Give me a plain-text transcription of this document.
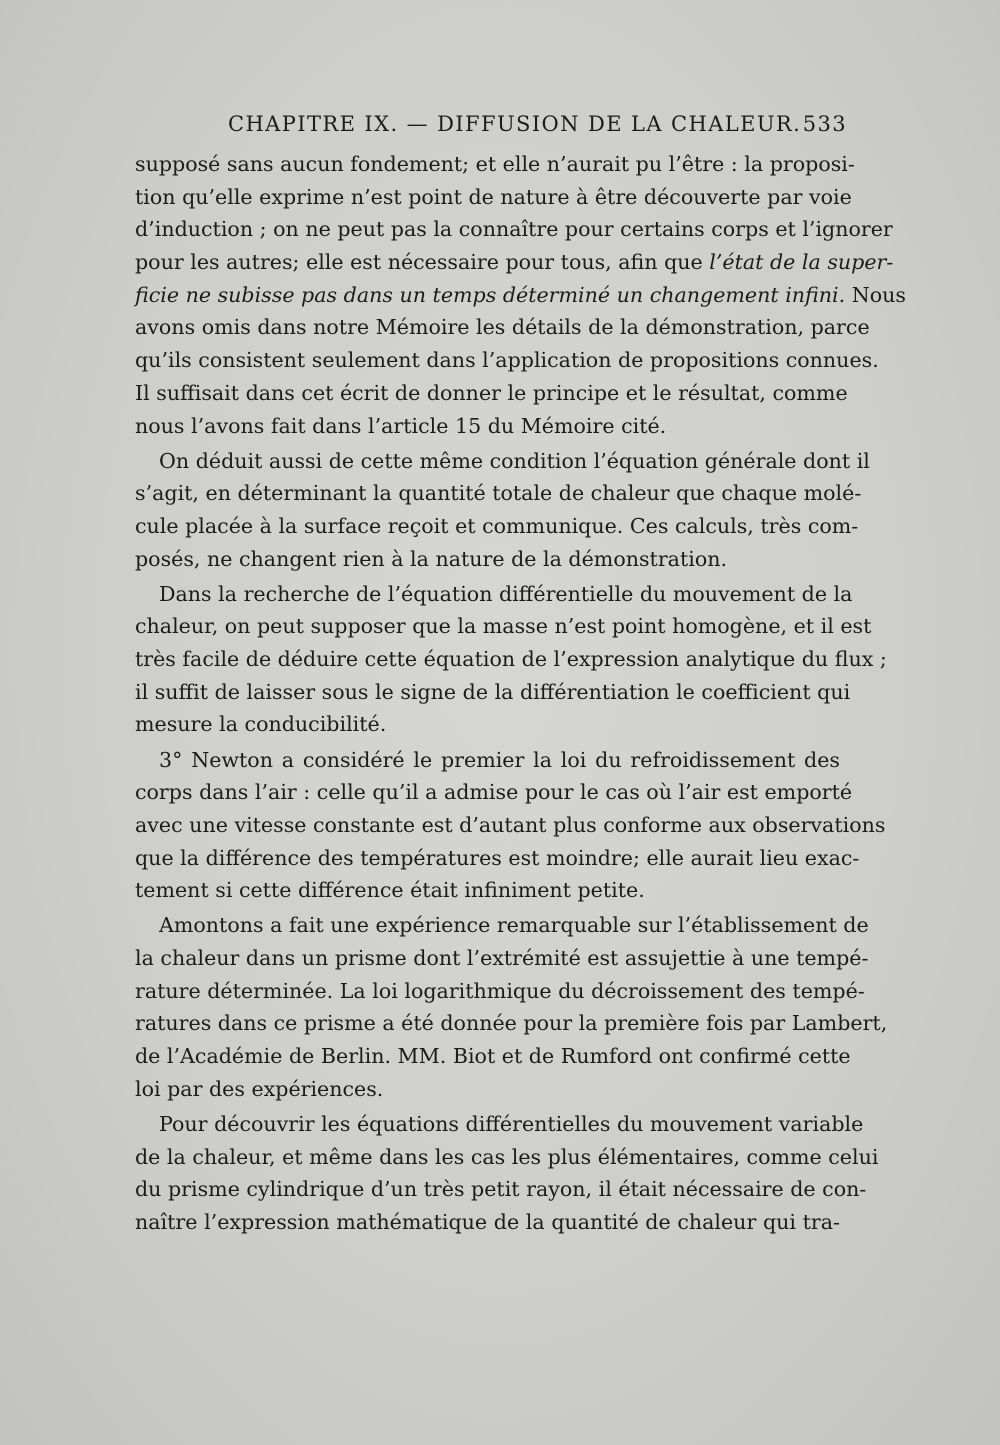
CHAPITRE IX. — DIFFUSION DE LA CHALEUR. 533
supposé sans aucun fondement; et elle n’aurait pu l’être : la proposi-
tion qu’elle exprime n’est point de nature à être découverte par voie
d’induction ; on ne peut pas la connaître pour certains corps et l’ignorer
pour les autres; elle est nécessaire pour tous, afin que l’état de la super-
ficie ne subisse pas dans un temps déterminé un changement infini. Nous
avons omis dans notre Mémoire les détails de la démonstration, parce
qu’ils consistent seulement dans l’application de propositions connues.
Il suffisait dans cet écrit de donner le principe et le résultat, comme
nous l’avons fait dans l’article 15 du Mémoire cité.
On déduit aussi de cette même condition l’équation générale dont il
s’agit, en déterminant la quantité totale de chaleur que chaque molé-
cule placée à la surface reçoit et communique. Ces calculs, très com-
posés, ne changent rien à la nature de la démonstration.
Dans la recherche de l’équation différentielle du mouvement de la
chaleur, on peut supposer que la masse n’est point homogène, et il est
très facile de déduire cette équation de l’expression analytique du flux ;
il suffit de laisser sous le signe de la différentiation le coefficient qui
mesure la conducibilité.
3° Newton a considéré le premier la loi du refroidissement des
corps dans l’air : celle qu’il a admise pour le cas où l’air est emporté
avec une vitesse constante est d’autant plus conforme aux observations
que la différence des températures est moindre; elle aurait lieu exac-
tement si cette différence était infiniment petite.
Amontons a fait une expérience remarquable sur l’établissement de
la chaleur dans un prisme dont l’extrémité est assujettie à une tempé-
rature déterminée. La loi logarithmique du décroissement des tempé-
ratures dans ce prisme a été donnée pour la première fois par Lambert,
de l’Académie de Berlin. MM. Biot et de Rumford ont confirmé cette
loi par des expériences.
Pour découvrir les équations différentielles du mouvement variable
de la chaleur, et même dans les cas les plus élémentaires, comme celui
du prisme cylindrique d’un très petit rayon, il était nécessaire de con-
naître l’expression mathématique de la quantité de chaleur qui tra-
